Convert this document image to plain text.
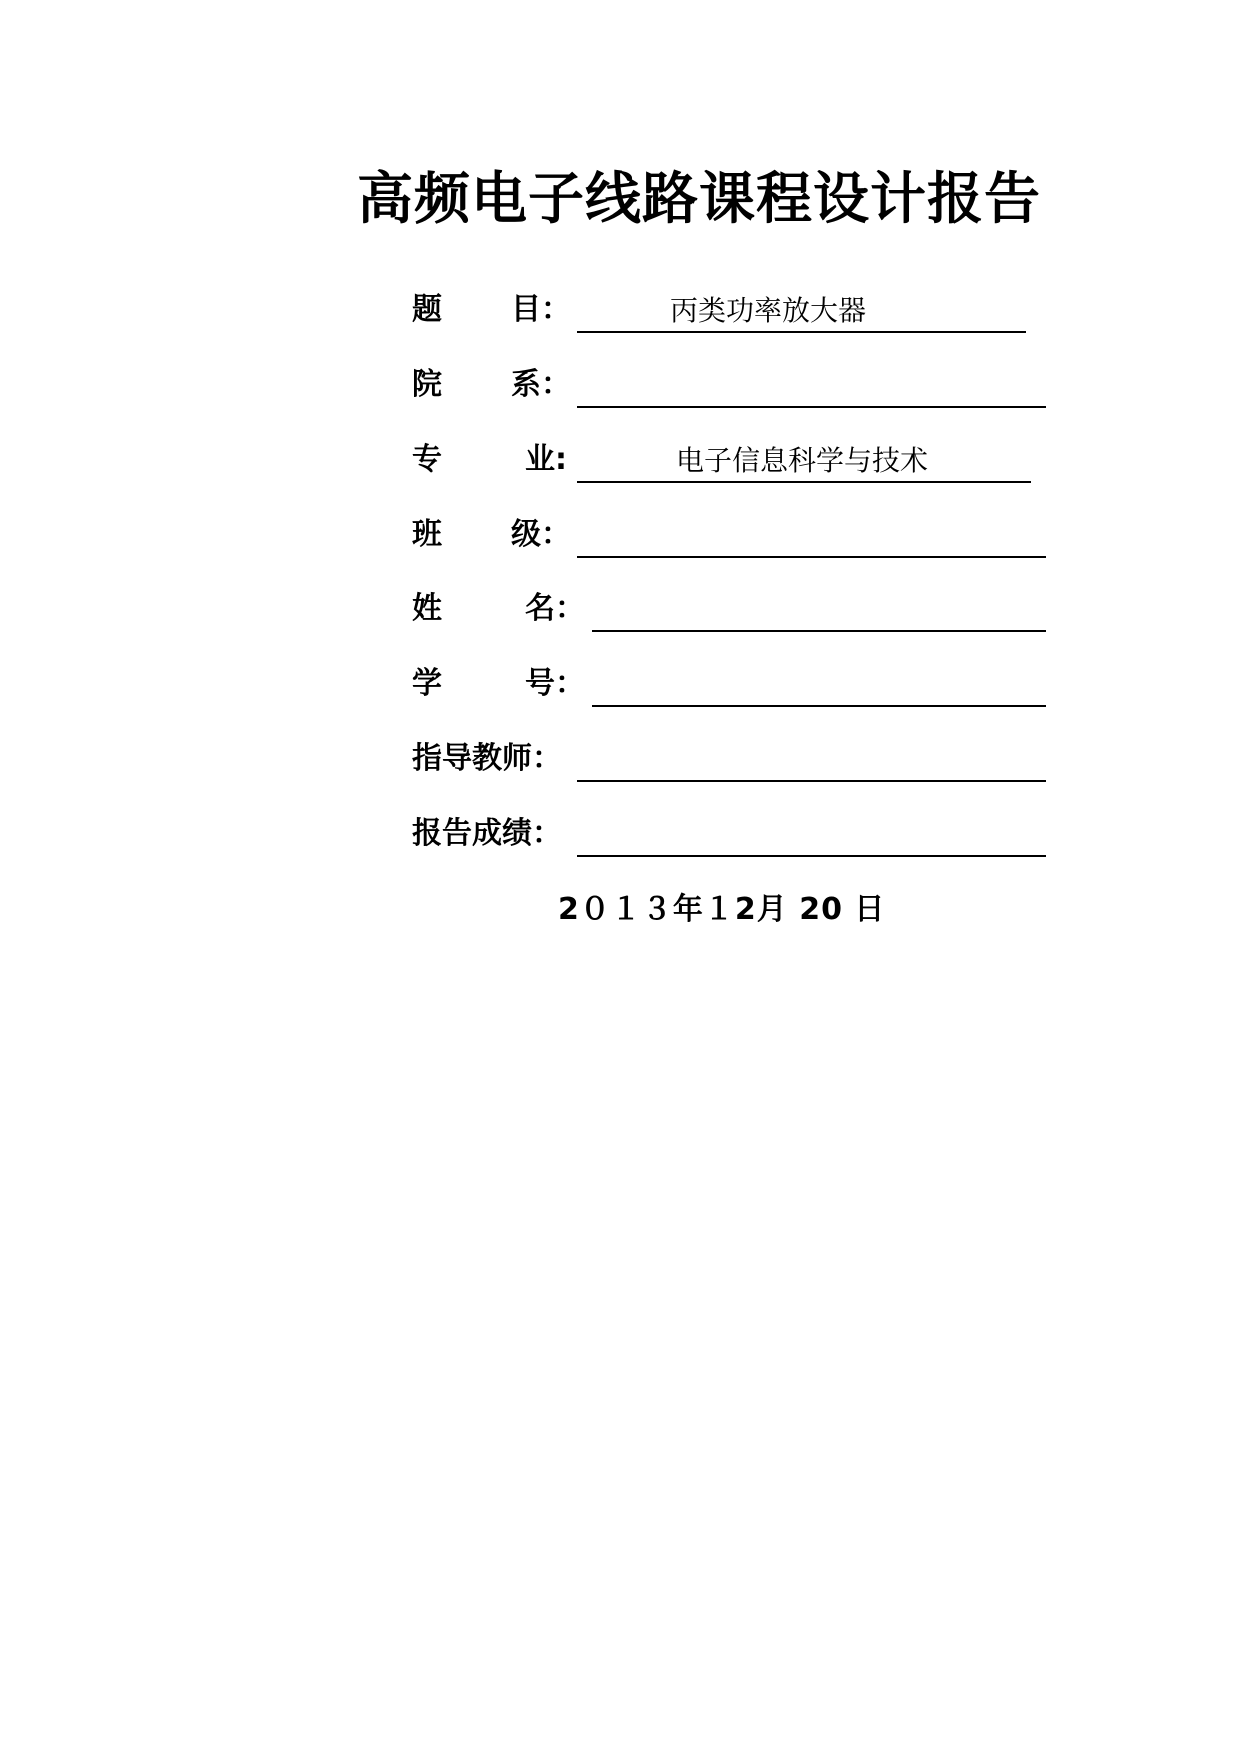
高频电子线路课程设计报告
题 目：	丙类功率放大器
院 系：
专	业:	电子信息科学与技术
班 级：
姓	名：
学	号：
指导教师：
报告成绩：
2０１３年１2月 20 日
